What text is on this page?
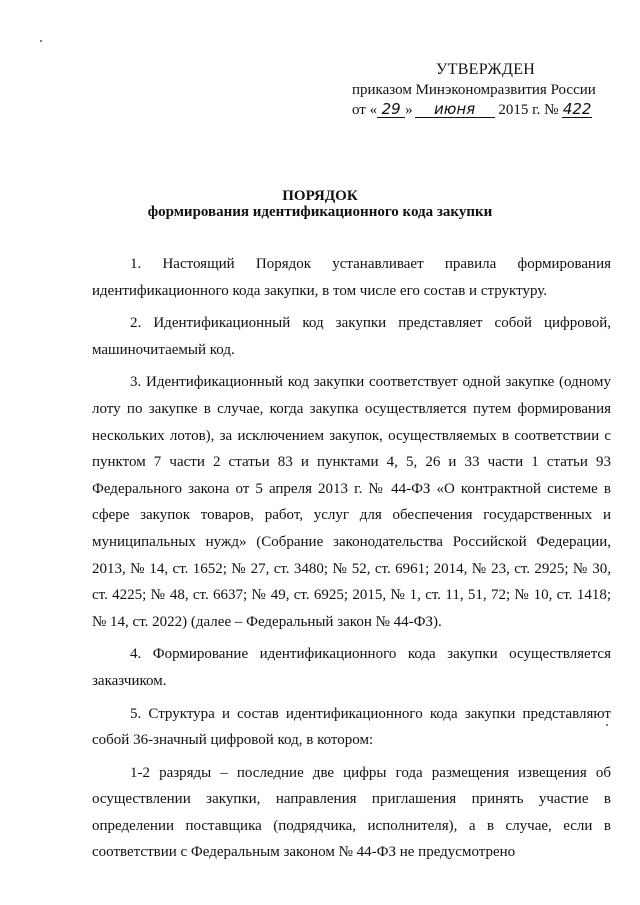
УТВЕРЖДЕН
приказом Минэкономразвития России
от « 29 » июня 2015 г. № 422
ПОРЯДОК
формирования идентификационного кода закупки

1. Настоящий Порядок устанавливает правила формирования идентификационного кода закупки, в том числе его состав и структуру.

2. Идентификационный код закупки представляет собой цифровой, машиночитаемый код.

3. Идентификационный код закупки соответствует одной закупке (одному лоту по закупке в случае, когда закупка осуществляется путем формирования нескольких лотов), за исключением закупок, осуществляемых в соответствии с пунктом 7 части 2 статьи 83 и пунктами 4, 5, 26 и 33 части 1 статьи 93 Федерального закона от 5 апреля 2013 г. № 44-ФЗ «О контрактной системе в сфере закупок товаров, работ, услуг для обеспечения государственных и муниципальных нужд» (Собрание законодательства Российской Федерации, 2013, № 14, ст. 1652; № 27, ст. 3480; № 52, ст. 6961; 2014, № 23, ст. 2925; № 30, ст. 4225; № 48, ст. 6637; № 49, ст. 6925; 2015, № 1, ст. 11, 51, 72; № 10, ст. 1418; № 14, ст. 2022) (далее – Федеральный закон № 44-ФЗ).

4. Формирование идентификационного кода закупки осуществляется заказчиком.

5. Структура и состав идентификационного кода закупки представляют собой 36-значный цифровой код, в котором:

1-2 разряды – последние две цифры года размещения извещения об осуществлении закупки, направления приглашения принять участие в определении поставщика (подрядчика, исполнителя), а в случае, если в соответствии с Федеральным законом № 44-ФЗ не предусмотрено
